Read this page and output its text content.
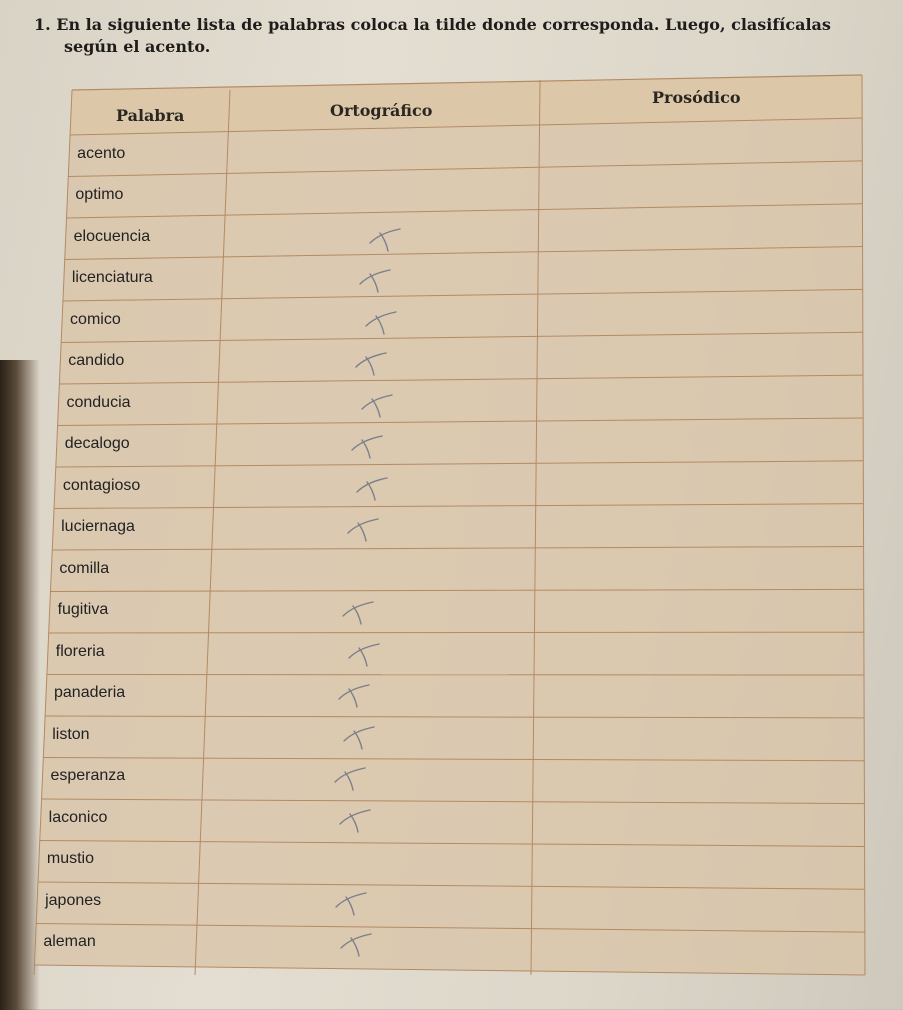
1. En la siguiente lista de palabras coloca la tilde donde corresponda. Luego, clasifícalas
según el acento.
Palabra	Ortográfico
Prosódico
acento
optimo
elocuencia
licenciatura
comico
candido
conducia
decalogo
contagioso
luciernaga
comilla
fugitiva
floreria
panaderia
liston
esperanza
laconico
mustio
japones
aleman
